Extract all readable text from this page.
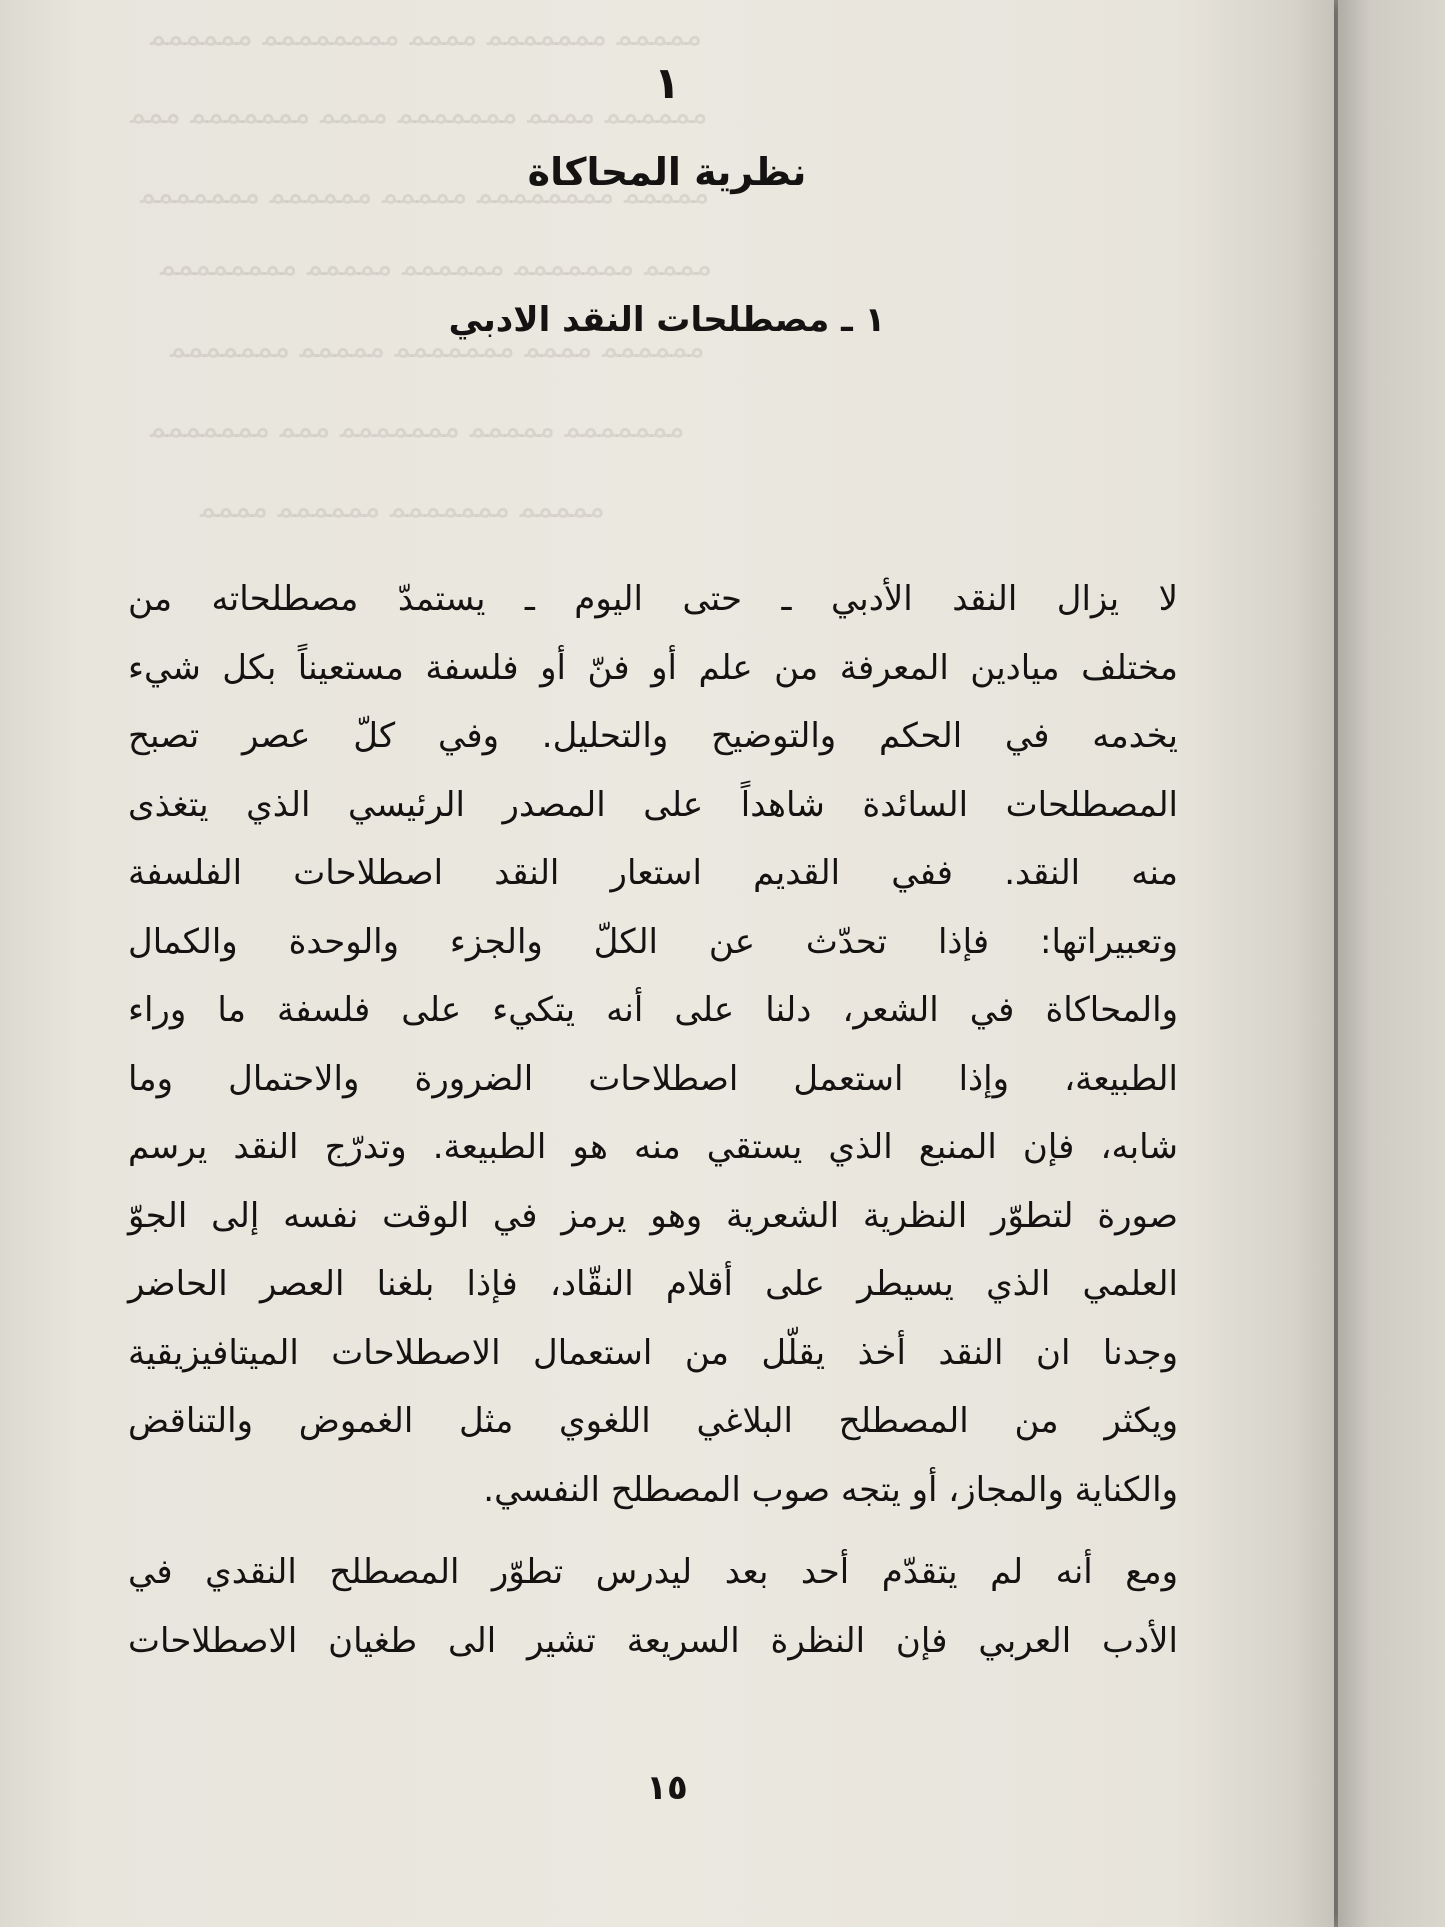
ﻣﻤﻤﻤﻤ ﻣﻤﻤﻤﻤﻤﻤ ﻣﻤﻤﻤ ﻣﻤﻤﻤﻤﻤﻤﻤ ﻣﻤﻤﻤﻤﻤ
ﻣﻤﻤﻤﻤﻤ ﻣﻤﻤﻤ ﻣﻤﻤﻤﻤﻤﻤ ﻣﻤﻤﻤ ﻣﻤﻤﻤﻤﻤﻤ ﻣﻤﻤ
ﻣﻤﻤﻤﻤ ﻣﻤﻤﻤﻤﻤﻤﻤ ﻣﻤﻤﻤﻤ ﻣﻤﻤﻤﻤﻤ ﻣﻤﻤﻤﻤﻤﻤ
ﻣﻤﻤﻤ ﻣﻤﻤﻤﻤﻤﻤ ﻣﻤﻤﻤﻤﻤ ﻣﻤﻤﻤﻤ ﻣﻤﻤﻤﻤﻤﻤﻤ
ﻣﻤﻤﻤﻤﻤ ﻣﻤﻤﻤ ﻣﻤﻤﻤﻤﻤﻤ ﻣﻤﻤﻤﻤ ﻣﻤﻤﻤﻤﻤﻤ
ﻣﻤﻤﻤﻤﻤﻤ ﻣﻤﻤﻤﻤ ﻣﻤﻤﻤﻤﻤﻤ ﻣﻤﻤ ﻣﻤﻤﻤﻤﻤﻤ
ﻣﻤﻤﻤﻤ ﻣﻤﻤﻤﻤﻤﻤ ﻣﻤﻤﻤﻤﻤ ﻣﻤﻤﻤ
١
نظرية المحاكاة
١ ـ مصطلحات النقد الادبي

لا يزال النقد الأدبي ـ حتى اليوم ـ يستمدّ مصطلحاته من

مختلف ميادين المعرفة من علم أو فنّ أو فلسفة مستعيناً بكل شيء

يخدمه في الحكم والتوضيح والتحليل. وفي كلّ عصر تصبح

المصطلحات السائدة شاهداً على المصدر الرئيسي الذي يتغذى

منه النقد. ففي القديم استعار النقد اصطلاحات الفلسفة

وتعبيراتها: فإذا تحدّث عن الكلّ والجزء والوحدة والكمال

والمحاكاة في الشعر، دلنا على أنه يتكيء على فلسفة ما وراء

الطبيعة، وإذا استعمل اصطلاحات الضرورة والاحتمال وما

شابه، فإن المنبع الذي يستقي منه هو الطبيعة. وتدرّج النقد يرسم

صورة لتطوّر النظرية الشعرية وهو يرمز في الوقت نفسه إلى الجوّ

العلمي الذي يسيطر على أقلام النقّاد، فإذا بلغنا العصر الحاضر

وجدنا ان النقد أخذ يقلّل من استعمال الاصطلاحات الميتافيزيقية

ويكثر من المصطلح البلاغي اللغوي مثل الغموض والتناقض

والكناية والمجاز، أو يتجه صوب المصطلح النفسي.

ومع أنه لم يتقدّم أحد بعد ليدرس تطوّر المصطلح النقدي في

الأدب العربي فإن النظرة السريعة تشير الى طغيان الاصطلاحات

١٥
